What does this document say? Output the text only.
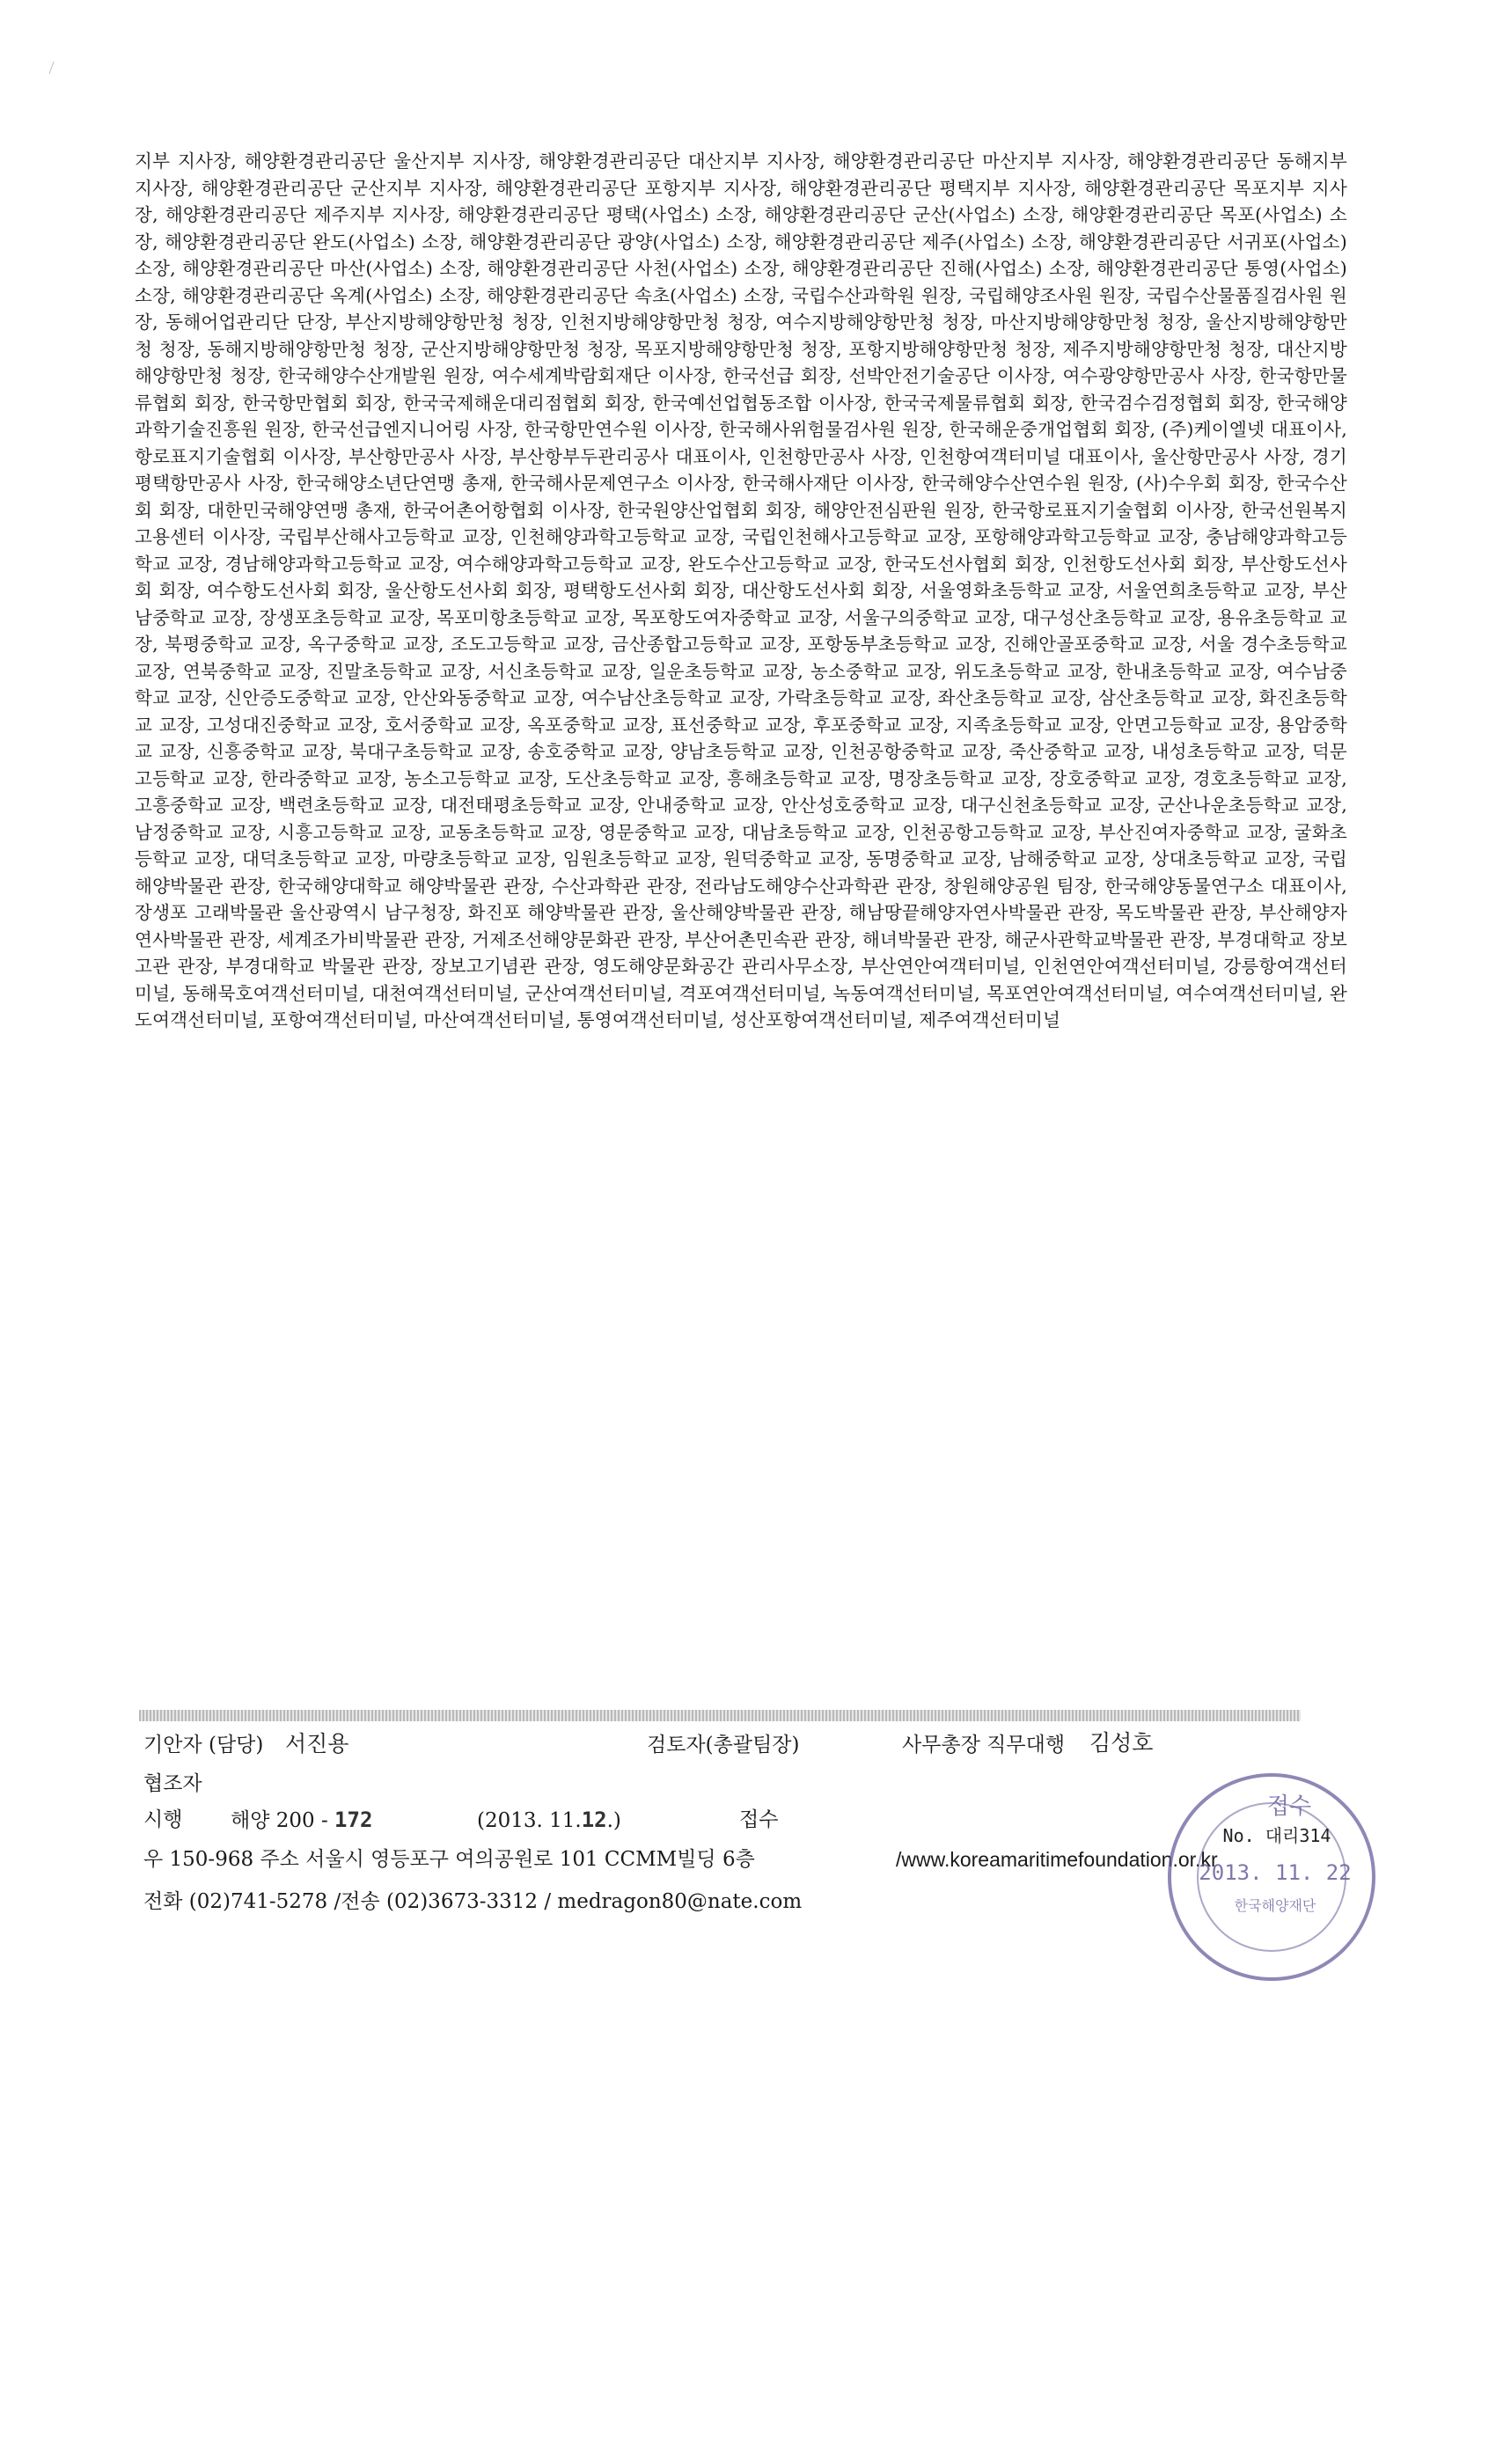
지부 지사장, 해양환경관리공단 울산지부 지사장, 해양환경관리공단 대산지부 지사장, 해양환경관리공단 마산지부 지사장, 해양환경관리공단 동해지부 지사장, 해양환경관리공단 군산지부 지사장, 해양환경관리공단 포항지부 지사장, 해양환경관리공단 평택지부 지사장, 해양환경관리공단 목포지부 지사장, 해양환경관리공단 제주지부 지사장, 해양환경관리공단 평택(사업소) 소장, 해양환경관리공단 군산(사업소) 소장, 해양환경관리공단 목포(사업소) 소장, 해양환경관리공단 완도(사업소) 소장, 해양환경관리공단 광양(사업소) 소장, 해양환경관리공단 제주(사업소) 소장, 해양환경관리공단 서귀포(사업소) 소장, 해양환경관리공단 마산(사업소) 소장, 해양환경관리공단 사천(사업소) 소장, 해양환경관리공단 진해(사업소) 소장, 해양환경관리공단 통영(사업소) 소장, 해양환경관리공단 옥계(사업소) 소장, 해양환경관리공단 속초(사업소) 소장, 국립수산과학원 원장, 국립해양조사원 원장, 국립수산물품질검사원 원장, 동해어업관리단 단장, 부산지방해양항만청 청장, 인천지방해양항만청 청장, 여수지방해양항만청 청장, 마산지방해양항만청 청장, 울산지방해양항만청 청장, 동해지방해양항만청 청장, 군산지방해양항만청 청장, 목포지방해양항만청 청장, 포항지방해양항만청 청장, 제주지방해양항만청 청장, 대산지방해양항만청 청장, 한국해양수산개발원 원장, 여수세계박람회재단 이사장, 한국선급 회장, 선박안전기술공단 이사장, 여수광양항만공사 사장, 한국항만물류협회 회장, 한국항만협회 회장, 한국국제해운대리점협회 회장, 한국예선업협동조합 이사장, 한국국제물류협회 회장, 한국검수검정협회 회장, 한국해양과학기술진흥원 원장, 한국선급엔지니어링 사장, 한국항만연수원 이사장, 한국해사위험물검사원 원장, 한국해운중개업협회 회장, (주)케이엘넷 대표이사, 항로표지기술협회 이사장, 부산항만공사 사장, 부산항부두관리공사 대표이사, 인천항만공사 사장, 인천항여객터미널 대표이사, 울산항만공사 사장, 경기평택항만공사 사장, 한국해양소년단연맹 총재, 한국해사문제연구소 이사장, 한국해사재단 이사장, 한국해양수산연수원 원장, (사)수우회 회장, 한국수산회 회장, 대한민국해양연맹 총재, 한국어촌어항협회 이사장, 한국원양산업협회 회장, 해양안전심판원 원장, 한국항로표지기술협회 이사장, 한국선원복지고용센터 이사장, 국립부산해사고등학교 교장, 인천해양과학고등학교 교장, 국립인천해사고등학교 교장, 포항해양과학고등학교 교장, 충남해양과학고등학교 교장, 경남해양과학고등학교 교장, 여수해양과학고등학교 교장, 완도수산고등학교 교장, 한국도선사협회 회장, 인천항도선사회 회장, 부산항도선사회 회장, 여수항도선사회 회장, 울산항도선사회 회장, 평택항도선사회 회장, 대산항도선사회 회장, 서울영화초등학교 교장, 서울연희초등학교 교장, 부산남중학교 교장, 장생포초등학교 교장, 목포미항초등학교 교장, 목포항도여자중학교 교장, 서울구의중학교 교장, 대구성산초등학교 교장, 용유초등학교 교장, 북평중학교 교장, 옥구중학교 교장, 조도고등학교 교장, 금산종합고등학교 교장, 포항동부초등학교 교장, 진해안골포중학교 교장, 서울 경수초등학교 교장, 연북중학교 교장, 진말초등학교 교장, 서신초등학교 교장, 일운초등학교 교장, 농소중학교 교장, 위도초등학교 교장, 한내초등학교 교장, 여수남중학교 교장, 신안증도중학교 교장, 안산와동중학교 교장, 여수남산초등학교 교장, 가락초등학교 교장, 좌산초등학교 교장, 삼산초등학교 교장, 화진초등학교 교장, 고성대진중학교 교장, 호서중학교 교장, 옥포중학교 교장, 표선중학교 교장, 후포중학교 교장, 지족초등학교 교장, 안면고등학교 교장, 용암중학교 교장, 신흥중학교 교장, 북대구초등학교 교장, 송호중학교 교장, 양남초등학교 교장, 인천공항중학교 교장, 죽산중학교 교장, 내성초등학교 교장, 덕문고등학교 교장, 한라중학교 교장, 농소고등학교 교장, 도산초등학교 교장, 흥해초등학교 교장, 명장초등학교 교장, 장호중학교 교장, 경호초등학교 교장, 고흥중학교 교장, 백련초등학교 교장, 대전태평초등학교 교장, 안내중학교 교장, 안산성호중학교 교장, 대구신천초등학교 교장, 군산나운초등학교 교장, 남정중학교 교장, 시흥고등학교 교장, 교동초등학교 교장, 영문중학교 교장, 대남초등학교 교장, 인천공항고등학교 교장, 부산진여자중학교 교장, 굴화초등학교 교장, 대덕초등학교 교장, 마량초등학교 교장, 임원초등학교 교장, 원덕중학교 교장, 동명중학교 교장, 남해중학교 교장, 상대초등학교 교장, 국립해양박물관 관장, 한국해양대학교 해양박물관 관장, 수산과학관 관장, 전라남도해양수산과학관 관장, 창원해양공원 팀장, 한국해양동물연구소 대표이사, 장생포 고래박물관 울산광역시 남구청장, 화진포 해양박물관 관장, 울산해양박물관 관장, 해남땅끝해양자연사박물관 관장, 목도박물관 관장, 부산해양자연사박물관 관장, 세계조가비박물관 관장, 거제조선해양문화관 관장, 부산어촌민속관 관장, 해녀박물관 관장, 해군사관학교박물관 관장, 부경대학교 장보고관 관장, 부경대학교 박물관 관장, 장보고기념관 관장, 영도해양문화공간 관리사무소장, 부산연안여객터미널, 인천연안여객선터미널, 강릉항여객선터미널, 동해묵호여객선터미널, 대천여객선터미널, 군산여객선터미널, 격포여객선터미널, 녹동여객선터미널, 목포연안여객선터미널, 여수여객선터미널, 완도여객선터미널, 포항여객선터미널, 마산여객선터미널, 통영여객선터미널, 성산포항여객선터미널, 제주여객선터미널

기안자 (담당) 서진용	검토자(총괄팀장)	사무총장 직무대행 김성호
협조자
시행 해양 200 - 172	(2013. 11.12.)	접수
우 150-968 주소 서울시 영등포구 여의공원로 101 CCMM빌딩 6층	/www.koreamaritimefoundation.or.kr
전화 (02)741-5278 /전송 (02)3673-3312 / medragon80@nate.com
접수
No. 대리314
2013. 11. 22
한국해양재단
